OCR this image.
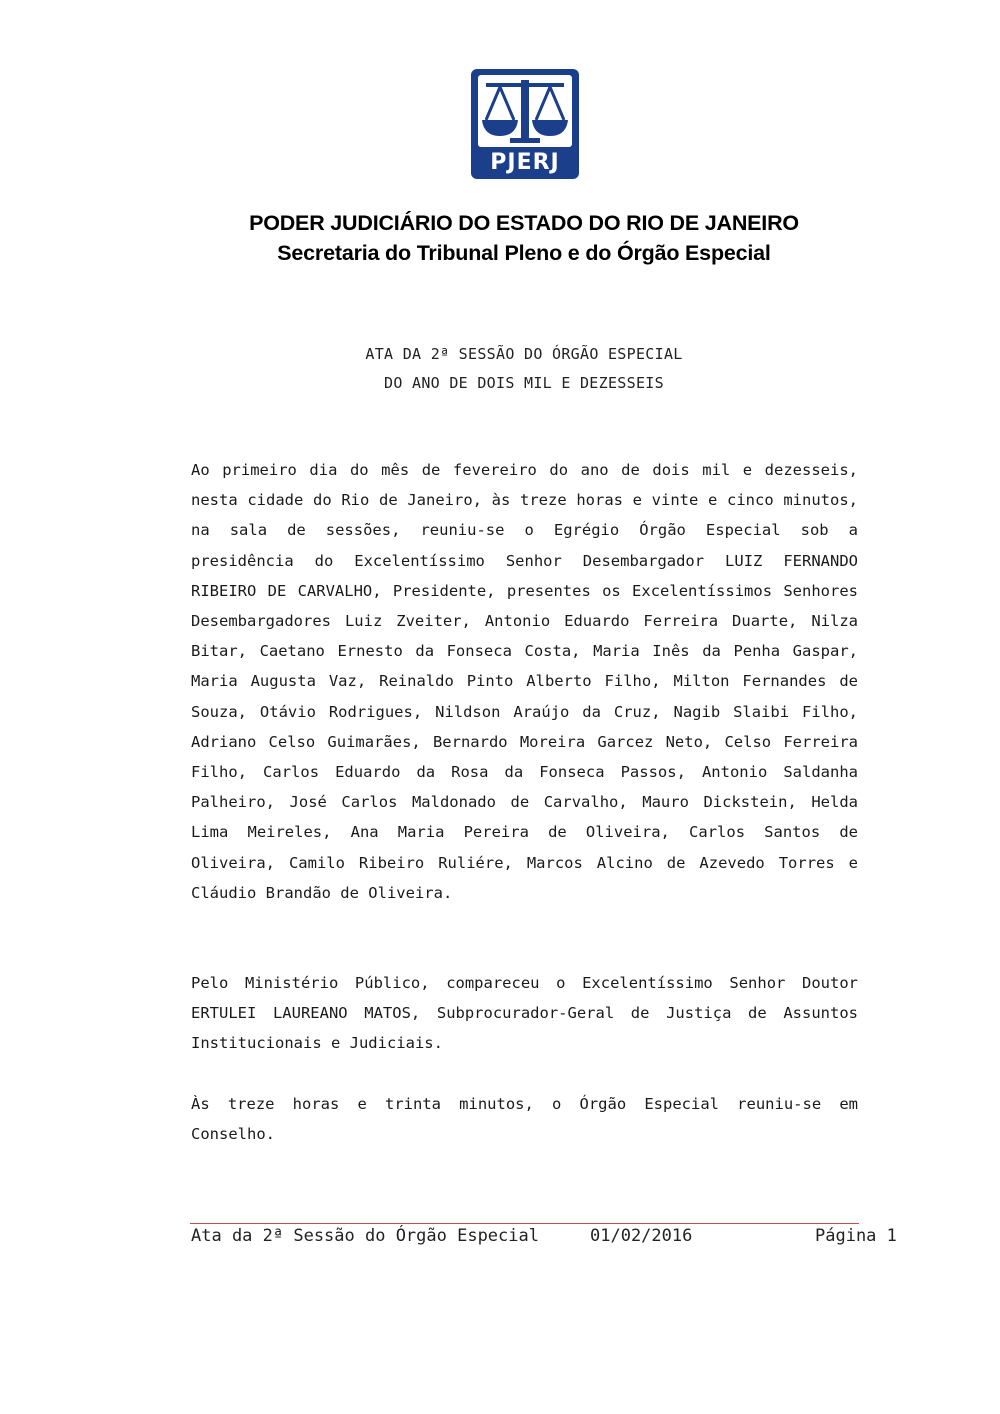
PJERJ
PODER JUDICIÁRIO DO ESTADO DO RIO DE JANEIRO
Secretaria do Tribunal Pleno e do Órgão Especial
ATA DA 2ª SESSÃO DO ÓRGÃO ESPECIAL
DO ANO DE DOIS MIL E DEZESSEIS
Ao primeiro dia do mês de fevereiro do ano de dois mil e dezesseis, nesta cidade do Rio de Janeiro, às treze horas e vinte e cinco minutos, na sala de sessões, reuniu-se o Egrégio Órgão Especial sob a presidência do Excelentíssimo Senhor Desembargador LUIZ FERNANDO RIBEIRO DE CARVALHO, Presidente, presentes os Excelentíssimos Senhores Desembargadores Luiz Zveiter, Antonio Eduardo Ferreira Duarte, Nilza Bitar, Caetano Ernesto da Fonseca Costa, Maria Inês da Penha Gaspar, Maria Augusta Vaz, Reinaldo Pinto Alberto Filho, Milton Fernandes de Souza, Otávio Rodrigues, Nildson Araújo da Cruz, Nagib Slaibi Filho, Adriano Celso Guimarães, Bernardo Moreira Garcez Neto, Celso Ferreira Filho, Carlos Eduardo da Rosa da Fonseca Passos, Antonio Saldanha Palheiro, José Carlos Maldonado de Carvalho, Mauro Dickstein, Helda Lima Meireles, Ana Maria Pereira de Oliveira, Carlos Santos de Oliveira, Camilo Ribeiro Ruliére, Marcos Alcino de Azevedo Torres e Cláudio Brandão de Oliveira.
Pelo Ministério Público, compareceu o Excelentíssimo Senhor Doutor ERTULEI LAUREANO MATOS, Subprocurador-Geral de Justiça de Assuntos Institucionais e Judiciais.
Às treze horas e trinta minutos, o Órgão Especial reuniu-se em Conselho.
Ata da 2ª Sessão do Órgão Especial	01/02/2016	Página 1
